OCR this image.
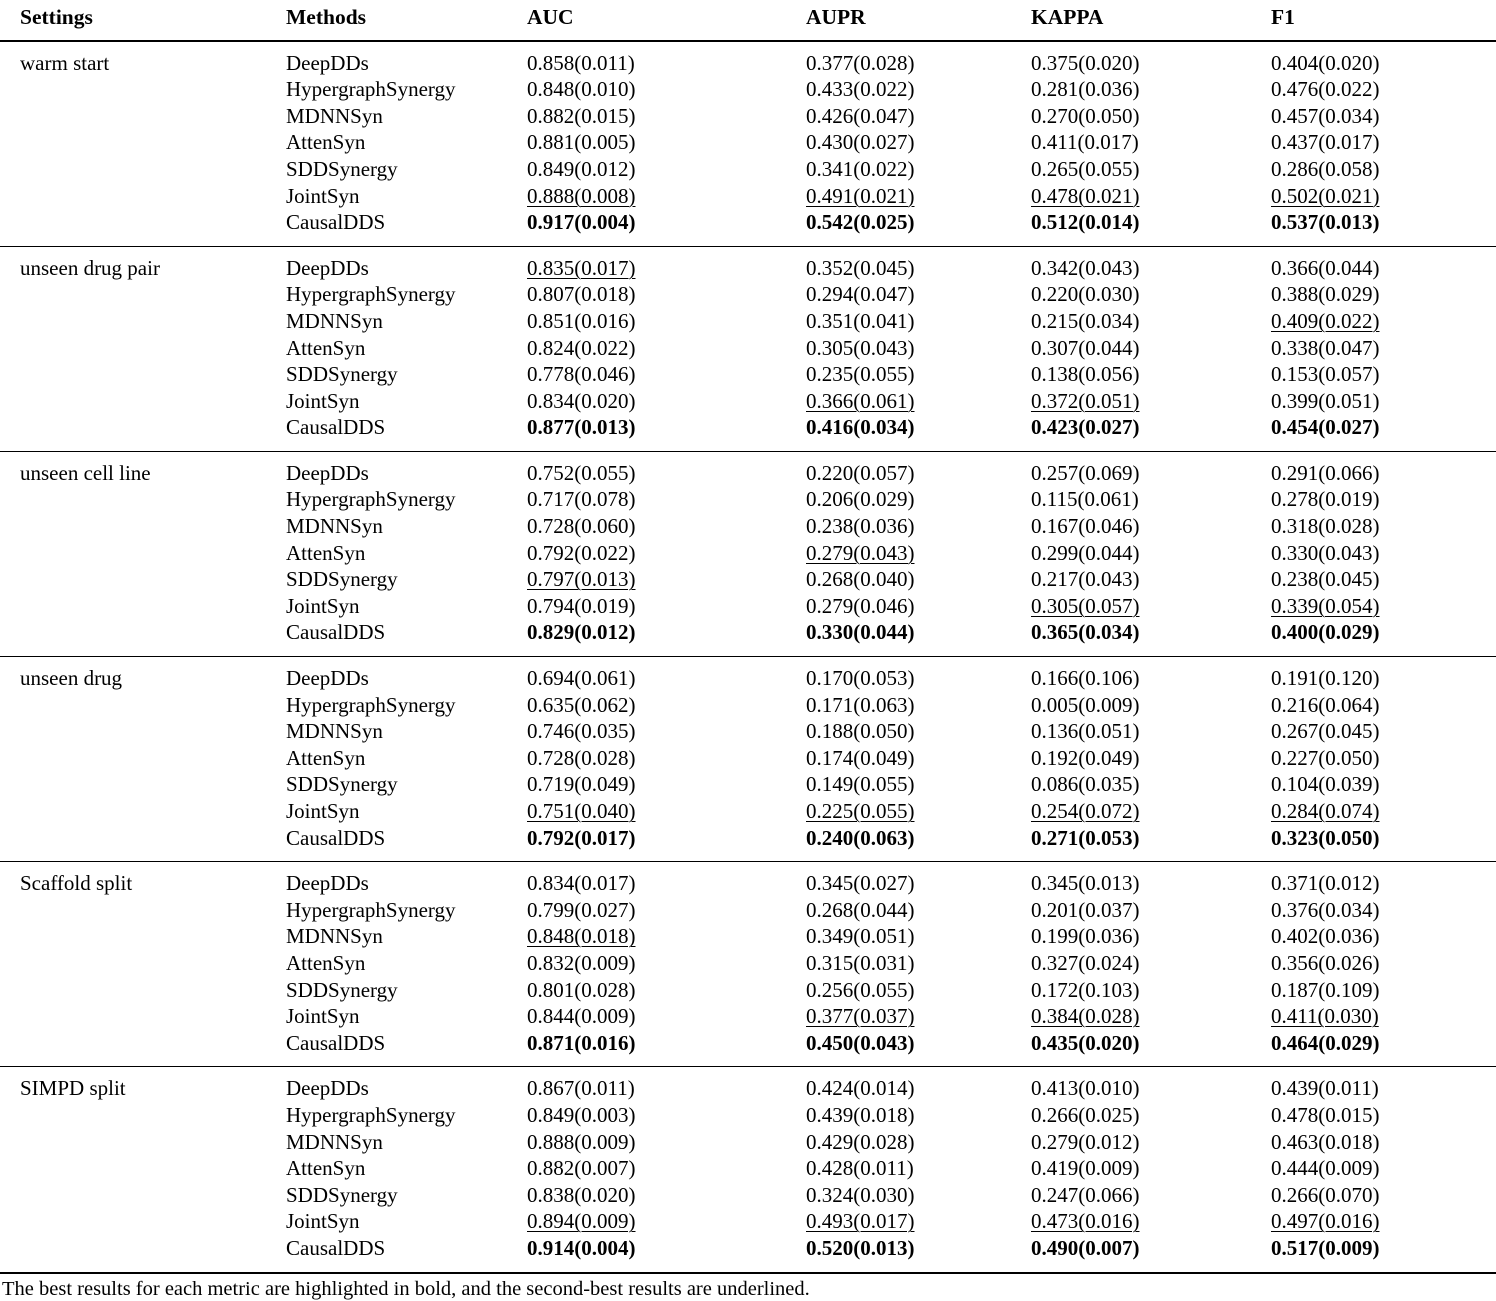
Settings	Methods	AUC	AUPR	KAPPA	F1
warm start	DeepDDs	0.858(0.011)	0.377(0.028)	0.375(0.020)	0.404(0.020)
	HypergraphSynergy	0.848(0.010)	0.433(0.022)	0.281(0.036)	0.476(0.022)
	MDNNSyn	0.882(0.015)	0.426(0.047)	0.270(0.050)	0.457(0.034)
	AttenSyn	0.881(0.005)	0.430(0.027)	0.411(0.017)	0.437(0.017)
	SDDSynergy	0.849(0.012)	0.341(0.022)	0.265(0.055)	0.286(0.058)
	JointSyn	0.888(0.008)	0.491(0.021)	0.478(0.021)	0.502(0.021)
	CausalDDS	0.917(0.004)	0.542(0.025)	0.512(0.014)	0.537(0.013)
unseen drug pair	DeepDDs	0.835(0.017)	0.352(0.045)	0.342(0.043)	0.366(0.044)
	HypergraphSynergy	0.807(0.018)	0.294(0.047)	0.220(0.030)	0.388(0.029)
	MDNNSyn	0.851(0.016)	0.351(0.041)	0.215(0.034)	0.409(0.022)
	AttenSyn	0.824(0.022)	0.305(0.043)	0.307(0.044)	0.338(0.047)
	SDDSynergy	0.778(0.046)	0.235(0.055)	0.138(0.056)	0.153(0.057)
	JointSyn	0.834(0.020)	0.366(0.061)	0.372(0.051)	0.399(0.051)
	CausalDDS	0.877(0.013)	0.416(0.034)	0.423(0.027)	0.454(0.027)
unseen cell line	DeepDDs	0.752(0.055)	0.220(0.057)	0.257(0.069)	0.291(0.066)
	HypergraphSynergy	0.717(0.078)	0.206(0.029)	0.115(0.061)	0.278(0.019)
	MDNNSyn	0.728(0.060)	0.238(0.036)	0.167(0.046)	0.318(0.028)
	AttenSyn	0.792(0.022)	0.279(0.043)	0.299(0.044)	0.330(0.043)
	SDDSynergy	0.797(0.013)	0.268(0.040)	0.217(0.043)	0.238(0.045)
	JointSyn	0.794(0.019)	0.279(0.046)	0.305(0.057)	0.339(0.054)
	CausalDDS	0.829(0.012)	0.330(0.044)	0.365(0.034)	0.400(0.029)
unseen drug	DeepDDs	0.694(0.061)	0.170(0.053)	0.166(0.106)	0.191(0.120)
	HypergraphSynergy	0.635(0.062)	0.171(0.063)	0.005(0.009)	0.216(0.064)
	MDNNSyn	0.746(0.035)	0.188(0.050)	0.136(0.051)	0.267(0.045)
	AttenSyn	0.728(0.028)	0.174(0.049)	0.192(0.049)	0.227(0.050)
	SDDSynergy	0.719(0.049)	0.149(0.055)	0.086(0.035)	0.104(0.039)
	JointSyn	0.751(0.040)	0.225(0.055)	0.254(0.072)	0.284(0.074)
	CausalDDS	0.792(0.017)	0.240(0.063)	0.271(0.053)	0.323(0.050)
Scaffold split	DeepDDs	0.834(0.017)	0.345(0.027)	0.345(0.013)	0.371(0.012)
	HypergraphSynergy	0.799(0.027)	0.268(0.044)	0.201(0.037)	0.376(0.034)
	MDNNSyn	0.848(0.018)	0.349(0.051)	0.199(0.036)	0.402(0.036)
	AttenSyn	0.832(0.009)	0.315(0.031)	0.327(0.024)	0.356(0.026)
	SDDSynergy	0.801(0.028)	0.256(0.055)	0.172(0.103)	0.187(0.109)
	JointSyn	0.844(0.009)	0.377(0.037)	0.384(0.028)	0.411(0.030)
	CausalDDS	0.871(0.016)	0.450(0.043)	0.435(0.020)	0.464(0.029)
SIMPD split	DeepDDs	0.867(0.011)	0.424(0.014)	0.413(0.010)	0.439(0.011)
	HypergraphSynergy	0.849(0.003)	0.439(0.018)	0.266(0.025)	0.478(0.015)
	MDNNSyn	0.888(0.009)	0.429(0.028)	0.279(0.012)	0.463(0.018)
	AttenSyn	0.882(0.007)	0.428(0.011)	0.419(0.009)	0.444(0.009)
	SDDSynergy	0.838(0.020)	0.324(0.030)	0.247(0.066)	0.266(0.070)
	JointSyn	0.894(0.009)	0.493(0.017)	0.473(0.016)	0.497(0.016)
	CausalDDS	0.914(0.004)	0.520(0.013)	0.490(0.007)	0.517(0.009)
The best results for each metric are highlighted in bold, and the second-best results are underlined.
